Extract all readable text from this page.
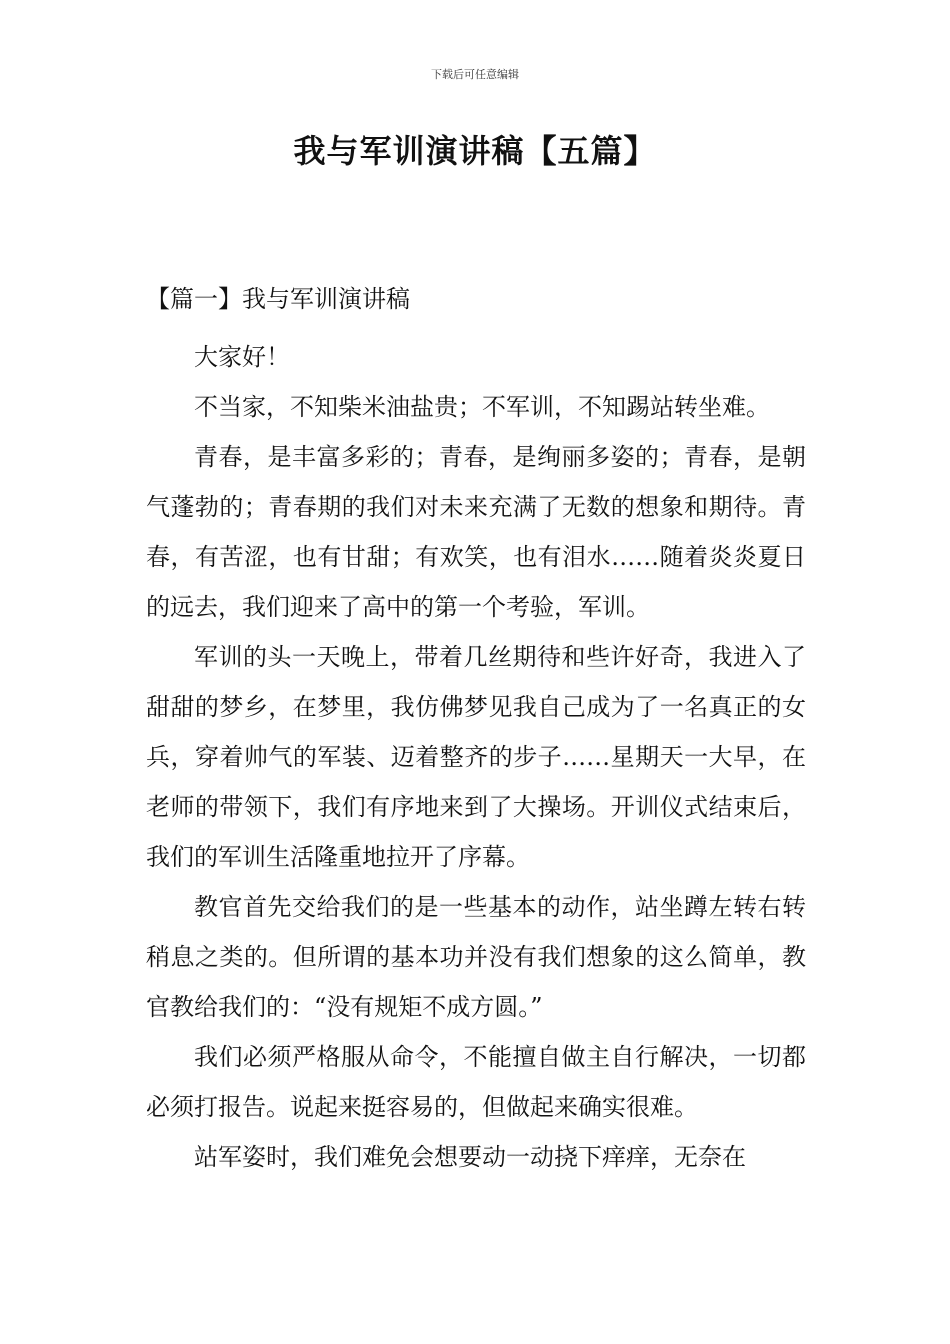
下载后可任意编辑
我与军训演讲稿【五篇】
【篇一】我与军训演讲稿

大家好！

不当家，不知柴米油盐贵；不军训，不知踢站转坐难。

青春，是丰富多彩的；青春，是绚丽多姿的；青春，是朝气蓬勃的；青春期的我们对未来充满了无数的想象和期待。青春，有苦涩，也有甘甜；有欢笑，也有泪水……随着炎炎夏日的远去，我们迎来了高中的第一个考验，军训。

军训的头一天晚上，带着几丝期待和些许好奇，我进入了甜甜的梦乡，在梦里，我仿佛梦见我自己成为了一名真正的女兵，穿着帅气的军装、迈着整齐的步子……星期天一大早，在老师的带领下，我们有序地来到了大操场。开训仪式结束后，我们的军训生活隆重地拉开了序幕。

教官首先交给我们的是一些基本的动作，站坐蹲左转右转稍息之类的。但所谓的基本功并没有我们想象的这么简单，教官教给我们的：“没有规矩不成方圆。”

我们必须严格服从命令，不能擅自做主自行解决，一切都必须打报告。说起来挺容易的，但做起来确实很难。

站军姿时，我们难免会想要动一动挠下痒痒，无奈在
